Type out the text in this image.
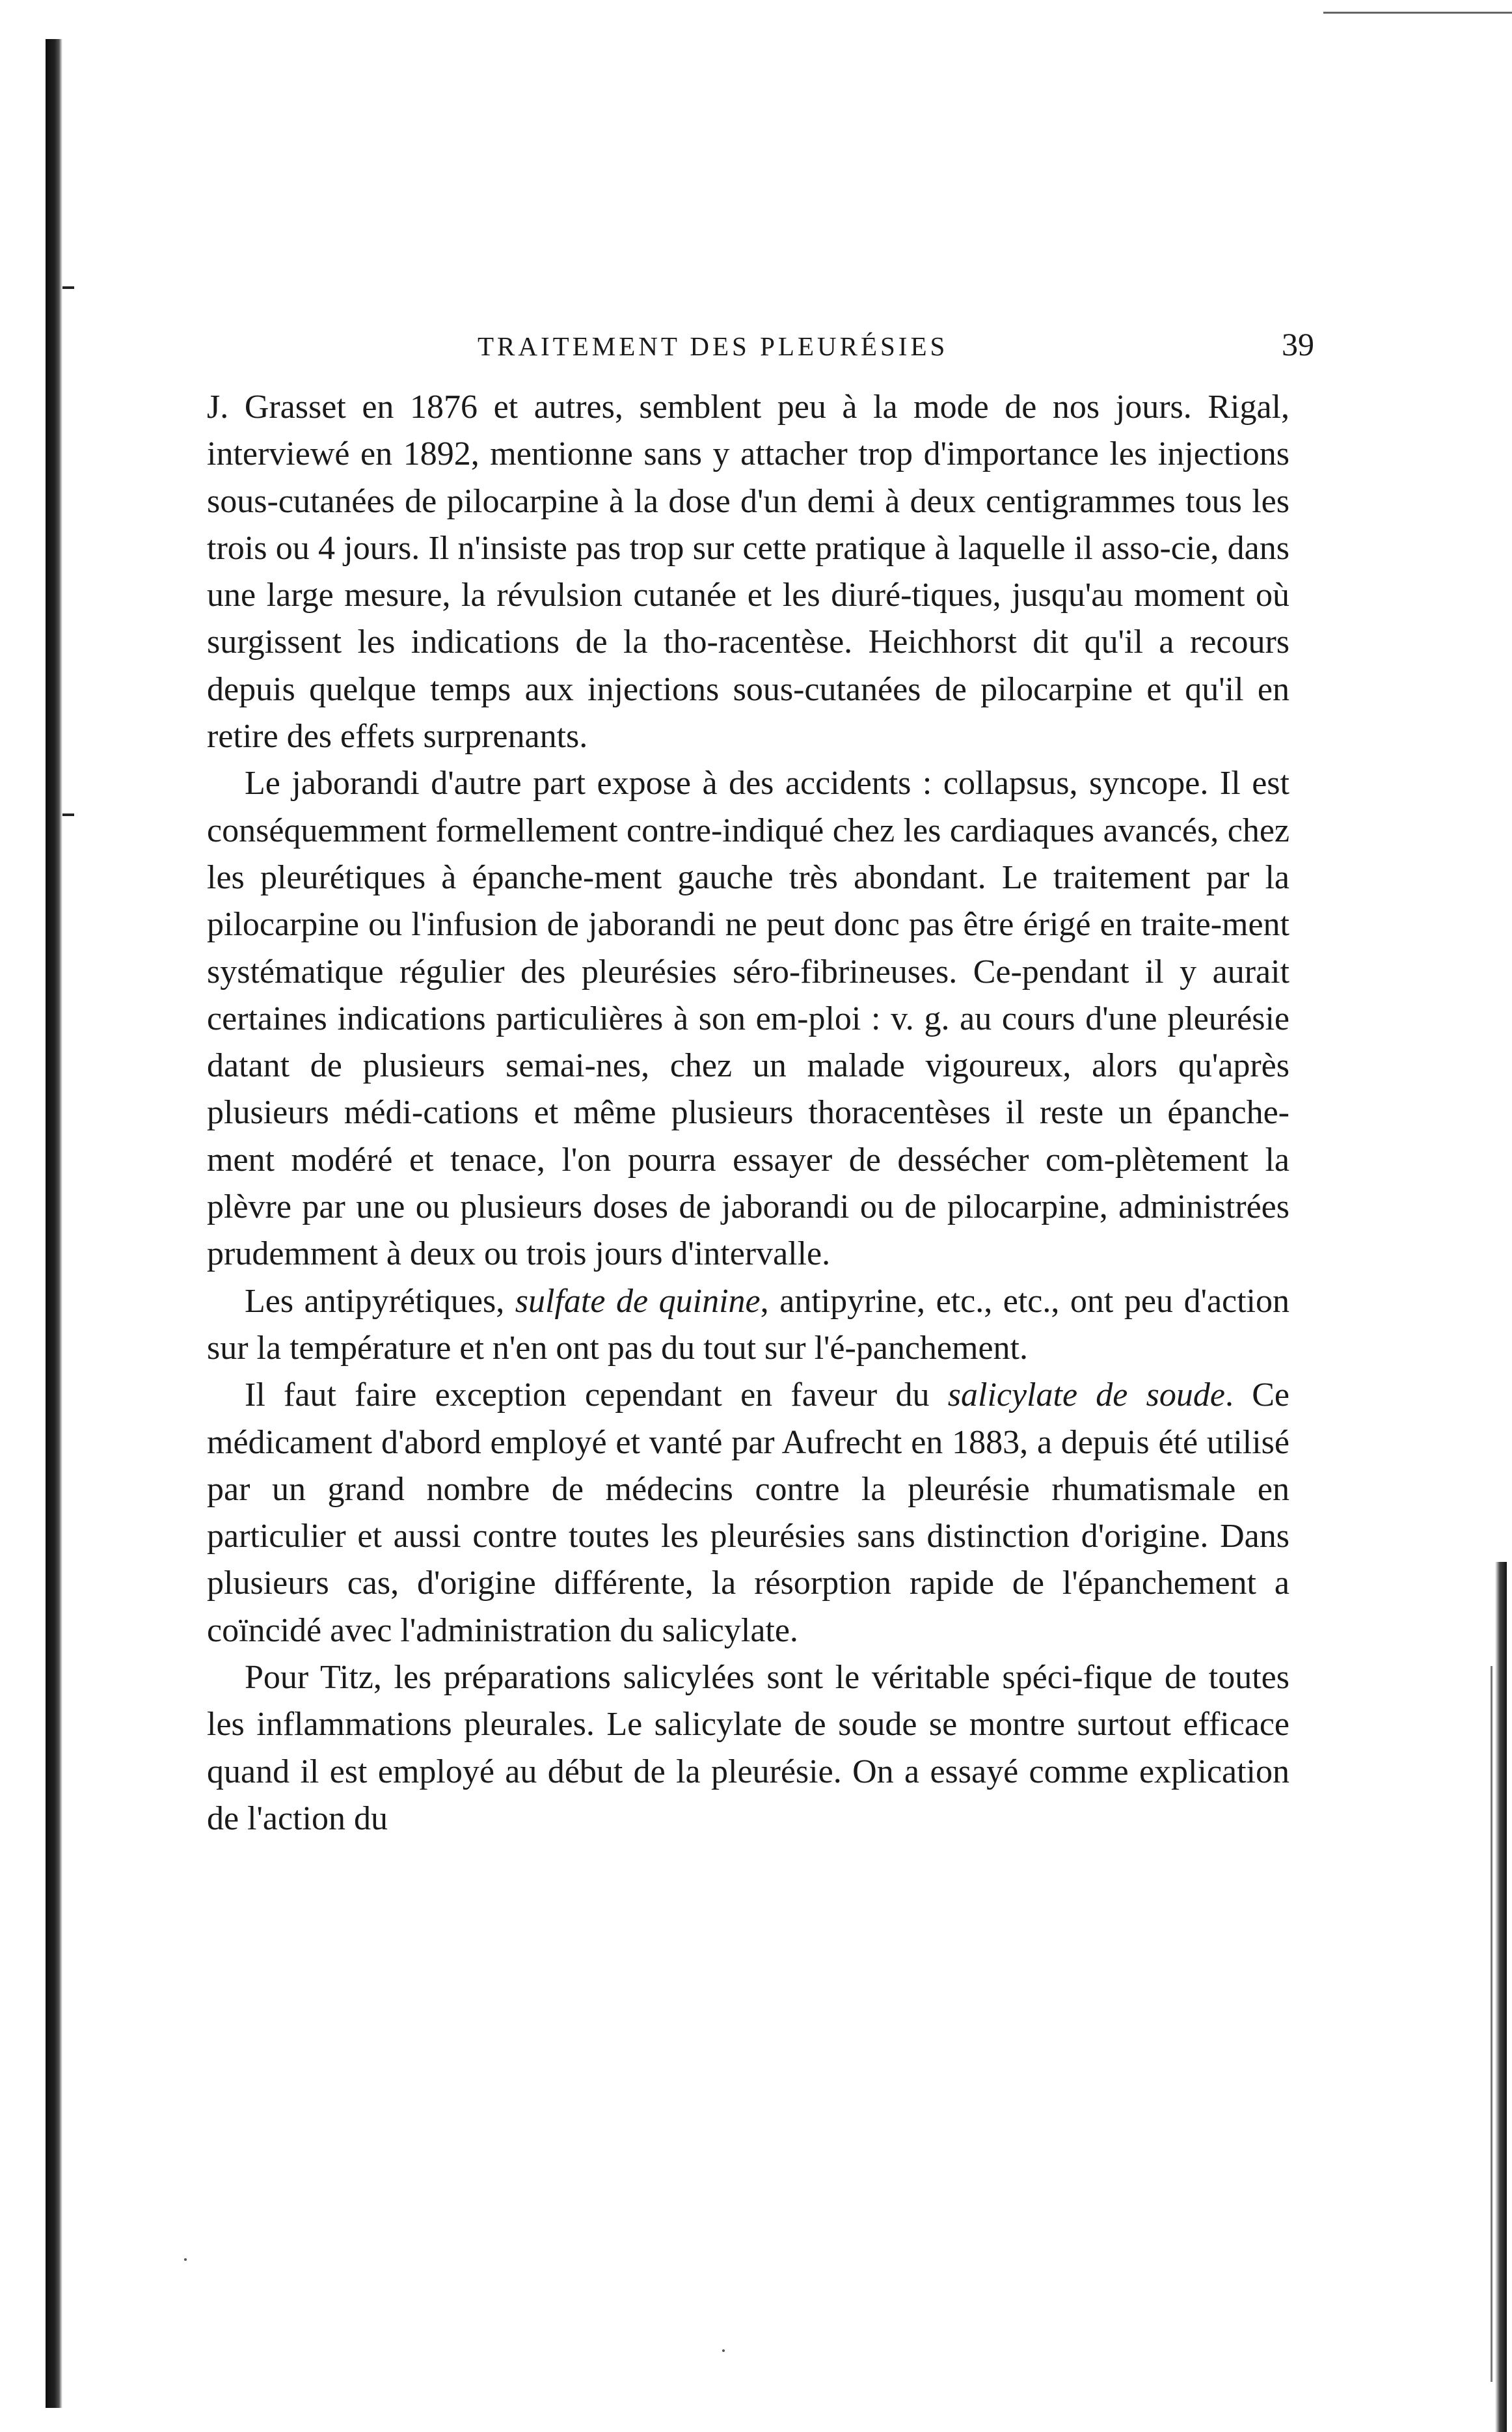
TRAITEMENT DES PLEURÉSIES	39

J. Grasset en 1876 et autres, semblent peu à la mode de nos jours. Rigal, interviewé en 1892, mentionne sans y attacher trop d'importance les injections sous-cutanées de pilocarpine à la dose d'un demi à deux centigrammes tous les trois ou 4 jours. Il n'insiste pas trop sur cette pratique à laquelle il asso-cie, dans une large mesure, la révulsion cutanée et les diuré-tiques, jusqu'au moment où surgissent les indications de la tho-racentèse. Heichhorst dit qu'il a recours depuis quelque temps aux injections sous-cutanées de pilocarpine et qu'il en retire des effets surprenants.

Le jaborandi d'autre part expose à des accidents : collapsus, syncope. Il est conséquemment formellement contre-indiqué chez les cardiaques avancés, chez les pleurétiques à épanche-ment gauche très abondant. Le traitement par la pilocarpine ou l'infusion de jaborandi ne peut donc pas être érigé en traite-ment systématique régulier des pleurésies séro-fibrineuses. Ce-pendant il y aurait certaines indications particulières à son em-ploi : v. g. au cours d'une pleurésie datant de plusieurs semai-nes, chez un malade vigoureux, alors qu'après plusieurs médi-cations et même plusieurs thoracentèses il reste un épanche-ment modéré et tenace, l'on pourra essayer de dessécher com-plètement la plèvre par une ou plusieurs doses de jaborandi ou de pilocarpine, administrées prudemment à deux ou trois jours d'intervalle.

Les antipyrétiques, sulfate de quinine, antipyrine, etc., etc., ont peu d'action sur la température et n'en ont pas du tout sur l'é-panchement.

Il faut faire exception cependant en faveur du salicylate de soude. Ce médicament d'abord employé et vanté par Aufrecht en 1883, a depuis été utilisé par un grand nombre de médecins contre la pleurésie rhumatismale en particulier et aussi contre toutes les pleurésies sans distinction d'origine. Dans plusieurs cas, d'origine différente, la résorption rapide de l'épanchement a coïncidé avec l'administration du salicylate.

Pour Titz, les préparations salicylées sont le véritable spéci-fique de toutes les inflammations pleurales. Le salicylate de soude se montre surtout efficace quand il est employé au début de la pleurésie. On a essayé comme explication de l'action du
